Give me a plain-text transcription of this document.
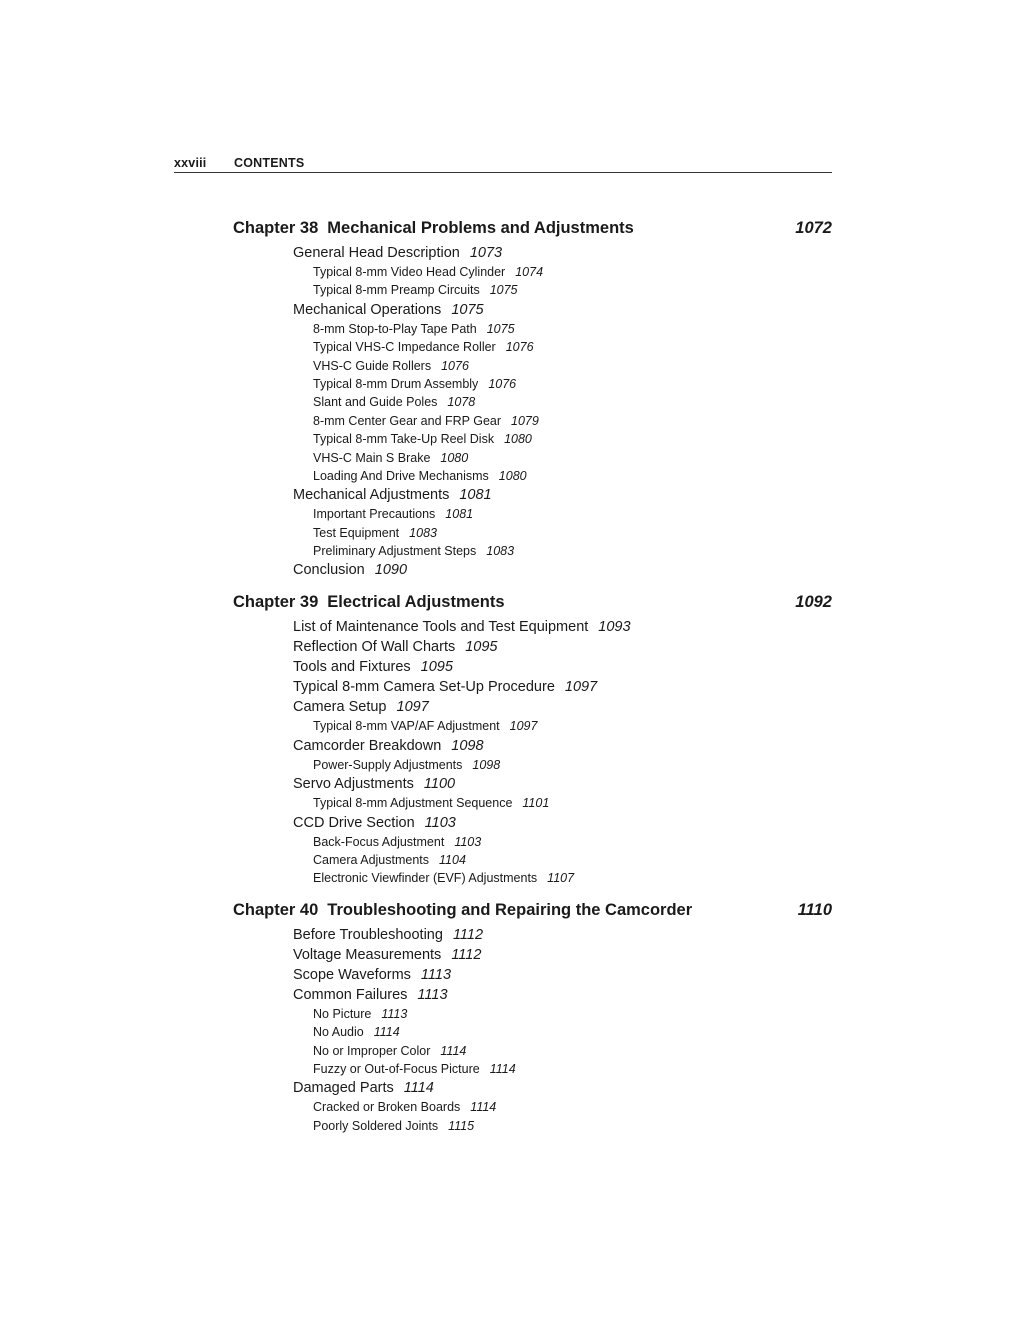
xxviii CONTENTS
Chapter 38 Mechanical Problems and Adjustments	1072
General Head Description 1073
Typical 8-mm Video Head Cylinder 1074
Typical 8-mm Preamp Circuits 1075
Mechanical Operations 1075
8-mm Stop-to-Play Tape Path 1075
Typical VHS-C Impedance Roller 1076
VHS-C Guide Rollers 1076
Typical 8-mm Drum Assembly 1076
Slant and Guide Poles 1078
8-mm Center Gear and FRP Gear 1079
Typical 8-mm Take-Up Reel Disk 1080
VHS-C Main S Brake 1080
Loading And Drive Mechanisms 1080
Mechanical Adjustments 1081
Important Precautions 1081
Test Equipment 1083
Preliminary Adjustment Steps 1083
Conclusion 1090
Chapter 39 Electrical Adjustments	1092
List of Maintenance Tools and Test Equipment 1093
Reflection Of Wall Charts 1095
Tools and Fixtures 1095
Typical 8-mm Camera Set-Up Procedure 1097
Camera Setup 1097
Typical 8-mm VAP/AF Adjustment 1097
Camcorder Breakdown 1098
Power-Supply Adjustments 1098
Servo Adjustments 1100
Typical 8-mm Adjustment Sequence 1101
CCD Drive Section 1103
Back-Focus Adjustment 1103
Camera Adjustments 1104
Electronic Viewfinder (EVF) Adjustments 1107
Chapter 40 Troubleshooting and Repairing the Camcorder	1110
Before Troubleshooting 1112
Voltage Measurements 1112
Scope Waveforms 1113
Common Failures 1113
No Picture 1113
No Audio 1114
No or Improper Color 1114
Fuzzy or Out-of-Focus Picture 1114
Damaged Parts 1114
Cracked or Broken Boards 1114
Poorly Soldered Joints 1115
